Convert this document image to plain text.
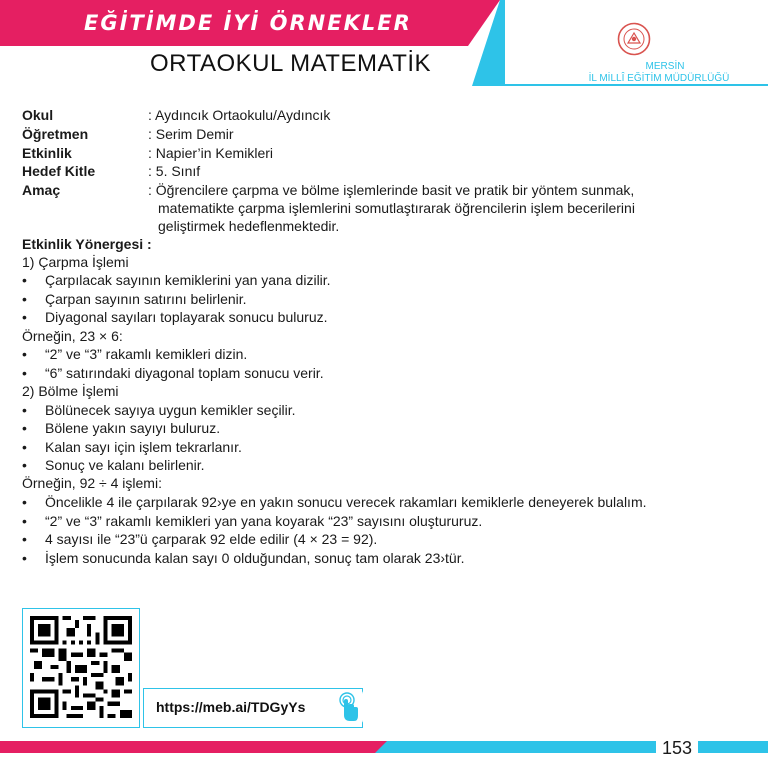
EĞİTİMDE İYİ ÖRNEKLER
ORTAOKUL MATEMATİK	MERSİN
İL MİLLÎ EĞİTİM MÜDÜRLÜĞÜ
Okul	: Aydıncık Ortaokulu/Aydıncık
Öğretmen	: Serim Demir
Etkinlik	: Napier’in Kemikleri
Hedef Kitle	: 5. Sınıf
Amaç	: Öğrencilere çarpma ve bölme işlemlerinde basit ve pratik bir yöntem sunmak,
matematikte çarpma işlemlerini somutlaştırarak öğrencilerin işlem becerilerini
geliştirmek hedeflenmektedir.
Etkinlik Yönergesi :
1) Çarpma İşlemi
• Çarpılacak sayının kemiklerini yan yana dizilir.
• Çarpan sayının satırını belirlenir.
• Diyagonal sayıları toplayarak sonucu buluruz.
Örneğin, 23 × 6:
• “2” ve “3” rakamlı kemikleri dizin.
• “6” satırındaki diyagonal toplam sonucu verir.
2) Bölme İşlemi
• Bölünecek sayıya uygun kemikler seçilir.
• Bölene yakın sayıyı buluruz.
• Kalan sayı için işlem tekrarlanır.
• Sonuç ve kalanı belirlenir.
Örneğin, 92 ÷ 4 işlemi:
• Öncelikle 4 ile çarpılarak 92›ye en yakın sonucu verecek rakamları kemiklerle deneyerek bulalım.
• “2” ve “3” rakamlı kemikleri yan yana koyarak “23” sayısını oluştururuz.
• 4 sayısı ile “23”ü çarparak 92 elde edilir (4 × 23 = 92).
• İşlem sonucunda kalan sayı 0 olduğundan, sonuç tam olarak 23›tür.
https://meb.ai/TDGyYs
153
